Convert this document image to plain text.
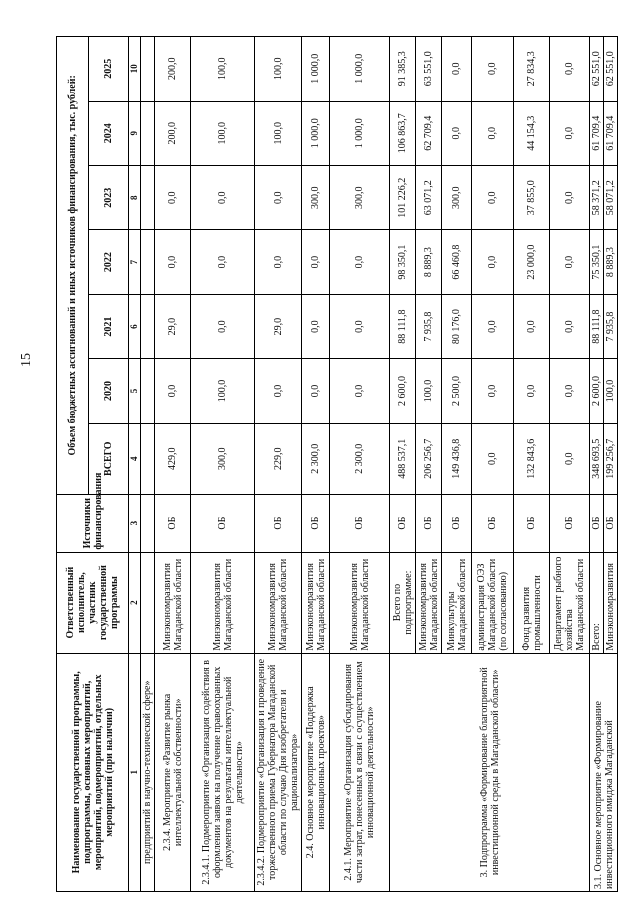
15
Наименование государственной программы, подпрограммы, основных мероприятий, мероприятий, подмероприятий, отдельных мероприятий (при наличии)	Ответственный исполнитель, участник государственной программы	Источники финансирования	Объем бюджетных ассигнований и иных источников финансирования, тыс. рублей:						
			ВСЕГО	2020	2021	2022	2023	2024	2025
1	2	3	4	5	6	7	8	9	10
предприятий в научно-технической сфере»									
2.3.4. Мероприятие «Развитие рынка интеллектуальной собственности»	Минэкономразвития Магаданской области	ОБ	429,0	0,0	29,0	0,0	0,0	200,0	200,0
2.3.4.1. Подмероприятие «Организация содействия в оформлении заявок на получение правоохранных документов на результаты интеллектуальной деятельности»	Минэкономразвития Магаданской области	ОБ	300,0	100,0	0,0	0,0	0,0	100,0	100,0
2.3.4.2. Подмероприятие «Организация и проведение торжественного приема Губернатора Магаданской области по случаю Дня изобретателя и рационализатора»	Минэкономразвития Магаданской области	ОБ	229,0	0,0	29,0	0,0	0,0	100,0	100,0
2.4. Основное мероприятие «Поддержка инновационных проектов»	Минэкономразвития Магаданской области	ОБ	2 300,0	0,0	0,0	0,0	300,0	1 000,0	1 000,0
2.4.1. Мероприятие «Организация субсидирования части затрат, понесенных в связи с осуществлением инновационной деятельности»	Минэкономразвития Магаданской области	ОБ	2 300,0	0,0	0,0	0,0	300,0	1 000,0	1 000,0
3. Подпрограмма «Формирование благоприятной инвестиционной среды в Магаданской области»	Всего по подпрограмме:	ОБ	488 537,1	2 600,0	88 111,8	98 350,1	101 226,2	106 863,7	91 385,3
	Минэкономразвития Магаданской области	ОБ	206 256,7	100,0	7 935,8	8 889,3	63 071,2	62 709,4	63 551,0
	Минкультуры Магаданской области	ОБ	149 436,8	2 500,0	80 176,0	66 460,8	300,0	0,0	0,0
	администрация ОЭЗ Магаданской области (по согласованию)	ОБ	0,0	0,0	0,0	0,0	0,0	0,0	0,0
	Фонд развития промышленности	ОБ	132 843,6	0,0	0,0	23 000,0	37 855,0	44 154,3	27 834,3
	Департамент рыбного хозяйства Магаданской области	ОБ	0,0	0,0	0,0	0,0	0,0	0,0	0,0
3.1. Основное мероприятие «Формирование инвестиционного имиджа Магаданской	Всего:	ОБ	348 693,5	2 600,0	88 111,8	75 350,1	58 371,2	61 709,4	62 551,0
	Минэкономразвития	ОБ	199 256,7	100,0	7 935,8	8 889,3	58 071,2	61 709,4	62 551,0
